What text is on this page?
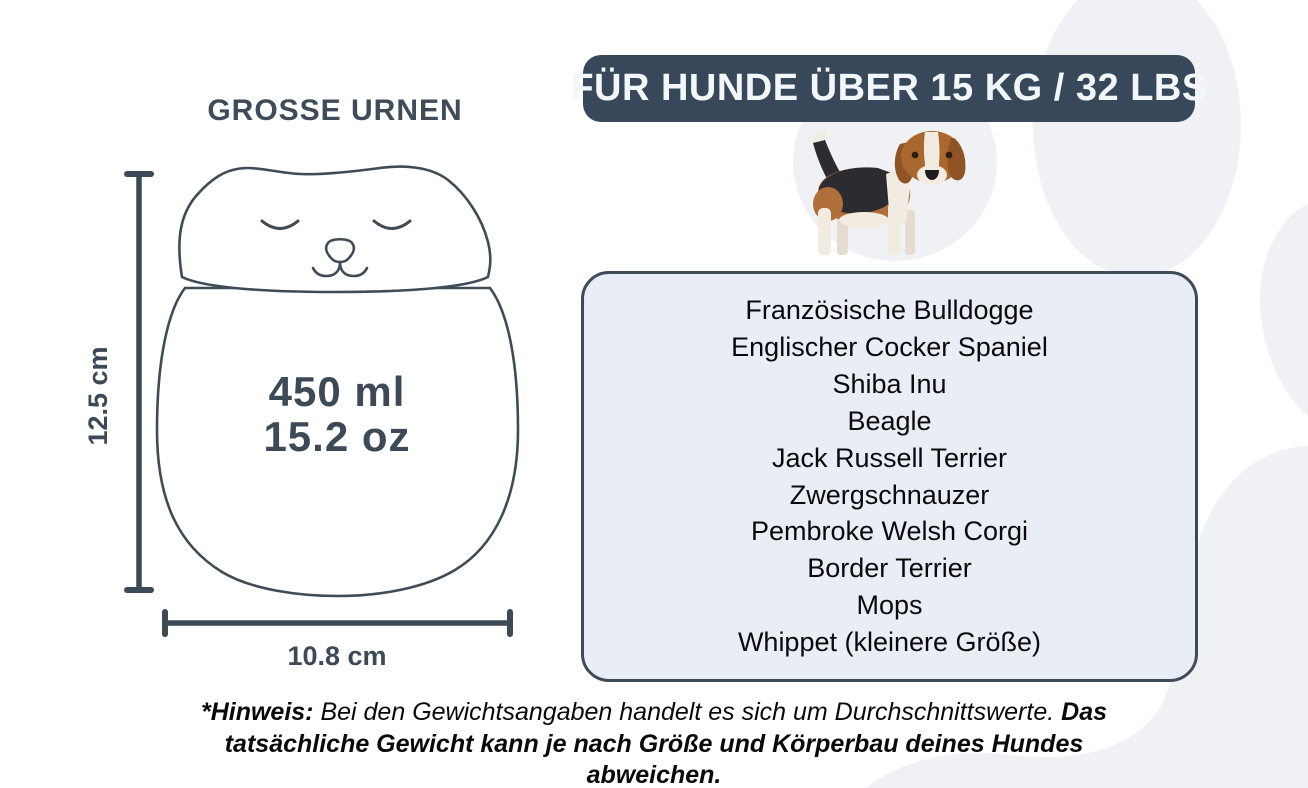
GROSSE URNEN
FÜR HUNDE ÜBER 15 KG / 32 LBS
12.5 cm
10.8 cm
450 ml
15.2 oz
Französische Bulldogge
Englischer Cocker Spaniel
Shiba Inu
Beagle
Jack Russell Terrier
Zwergschnauzer
Pembroke Welsh Corgi
Border Terrier
Mops
Whippet (kleinere Größe)
*Hinweis: Bei den Gewichtsangaben handelt es sich um Durchschnittswerte. Das tatsächliche Gewicht kann je nach Größe und Körperbau deines Hundes abweichen.
